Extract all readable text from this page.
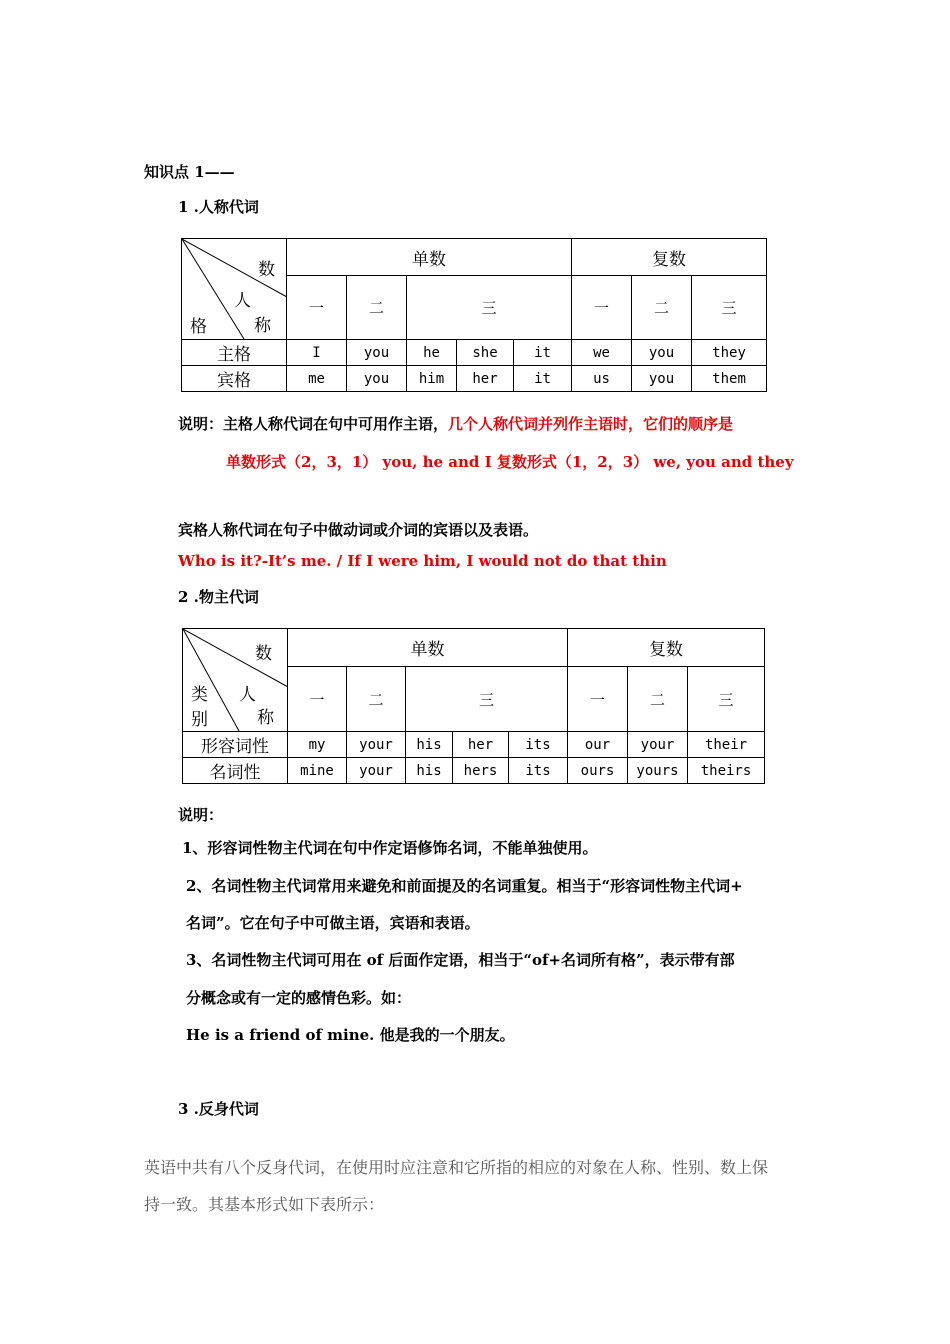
知识点 1——
1 .人称代词
数
人
格 称	单数					复数		
	一	二	三			一	二	三
主格	I	you	he	she	it	we	you	they
宾格	me	you	him	her	it	us	you	them
说明：主格人称代词在句中可用作主语，几个人称代词并列作主语时，它们的顺序是
单数形式（2，3，1） you, he and I 复数形式（1，2，3） we, you and they
宾格人称代词在句子中做动词或介词的宾语以及表语。
Who is it?-It’s me. / If I were him, I would not do that thin
2 .物主代词
数
人
类
别 称	单数					复数		
	一	二	三			一	二	三
形容词性	my	your	his	her	its	our	your	their
名词性	mine	your	his	hers	its	ours	yours	theirs
说明：
1、形容词性物主代词在句中作定语修饰名词，不能单独使用。
2、名词性物主代词常用来避免和前面提及的名词重复。相当于“形容词性物主代词+
名词”。它在句子中可做主语，宾语和表语。
3、名词性物主代词可用在 of 后面作定语，相当于“of+名词所有格”，表示带有部
分概念或有一定的感情色彩。如：
He is a friend of mine. 他是我的一个朋友。
3 .反身代词
英语中共有八个反身代词，在使用时应注意和它所指的相应的对象在人称、性别、数上保
持一致。其基本形式如下表所示：
